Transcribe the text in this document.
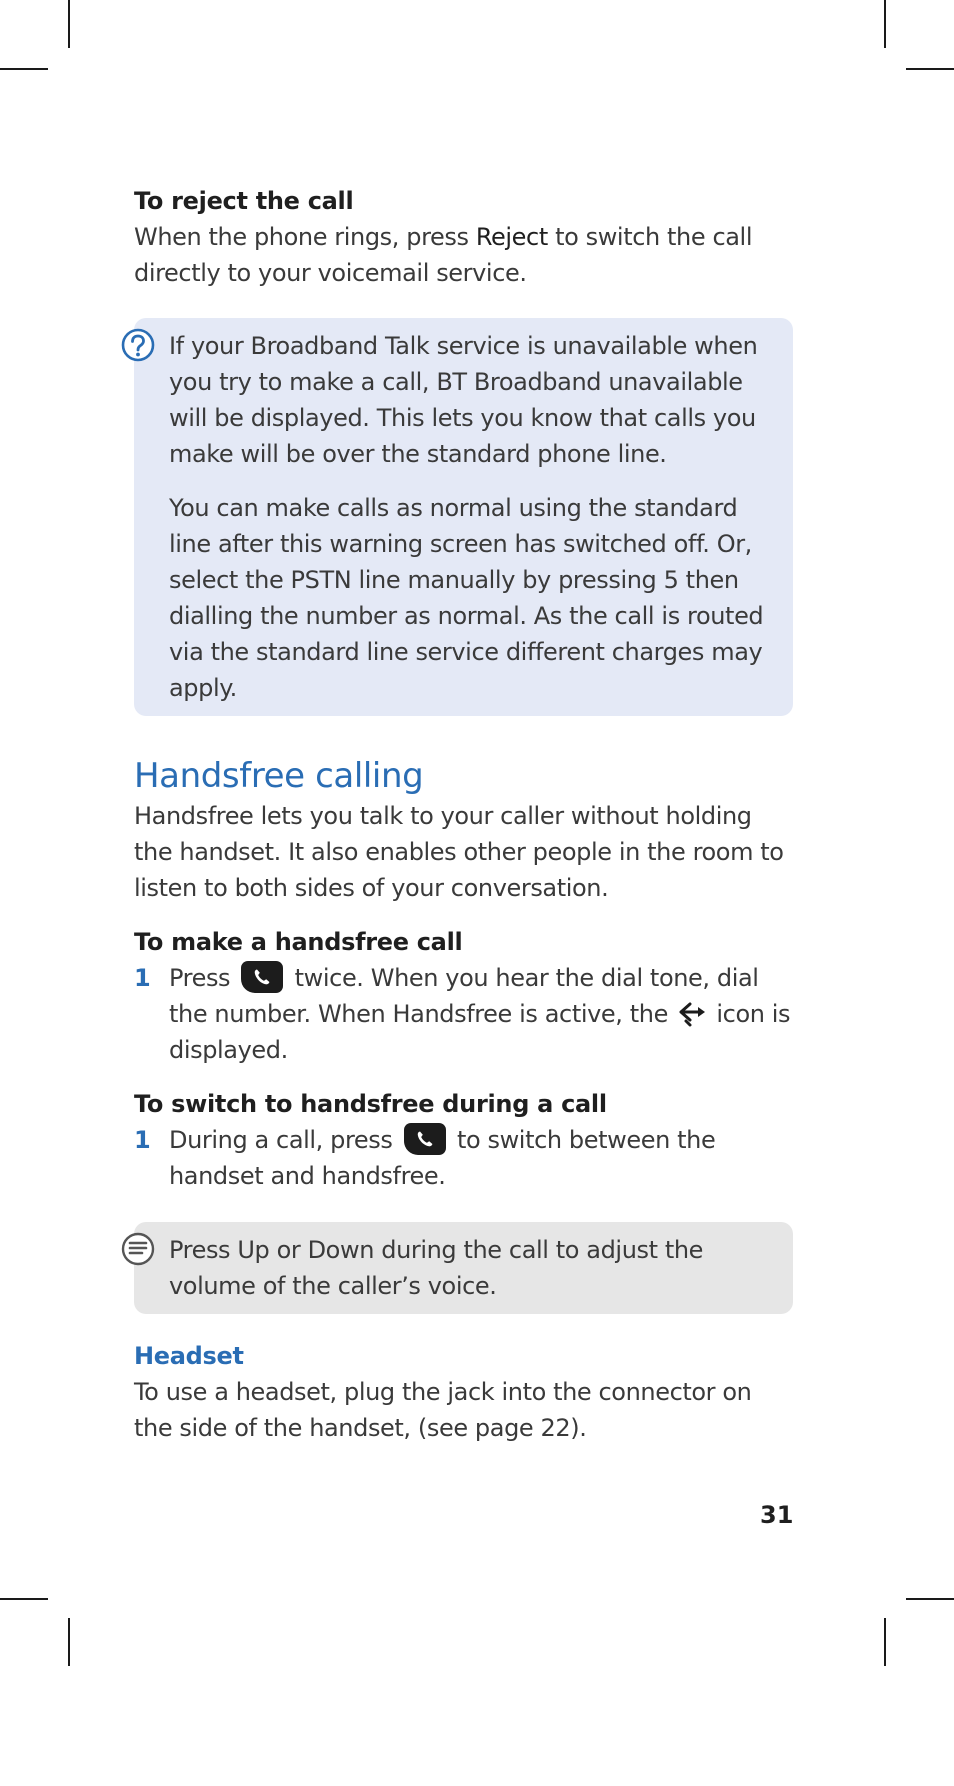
To reject the call
When the phone rings, press Reject to switch the call directly to your voicemail service.
If your Broadband Talk service is unavailable when you try to make a call, BT Broadband unavailable will be displayed. This lets you know that calls you make will be over the standard phone line.
You can make calls as normal using the standard line after this warning screen has switched off. Or, select the PSTN line manually by pressing 5 then dialling the number as normal. As the call is routed via the standard line service different charges may apply.
Handsfree calling
Handsfree lets you talk to your caller without holding the handset. It also enables other people in the room to listen to both sides of your conversation.
To make a handsfree call
1 Press
twice. When you hear the dial tone, dial the number. When Handsfree is active, the  icon is displayed.
To switch to handsfree during a call
1 During a call, press
to switch between the handset and handsfree.
Press Up or Down during the call to adjust the volume of the caller’s voice.
Headset
To use a headset, plug the jack into the connector on the side of the handset, (see page 22).
31
